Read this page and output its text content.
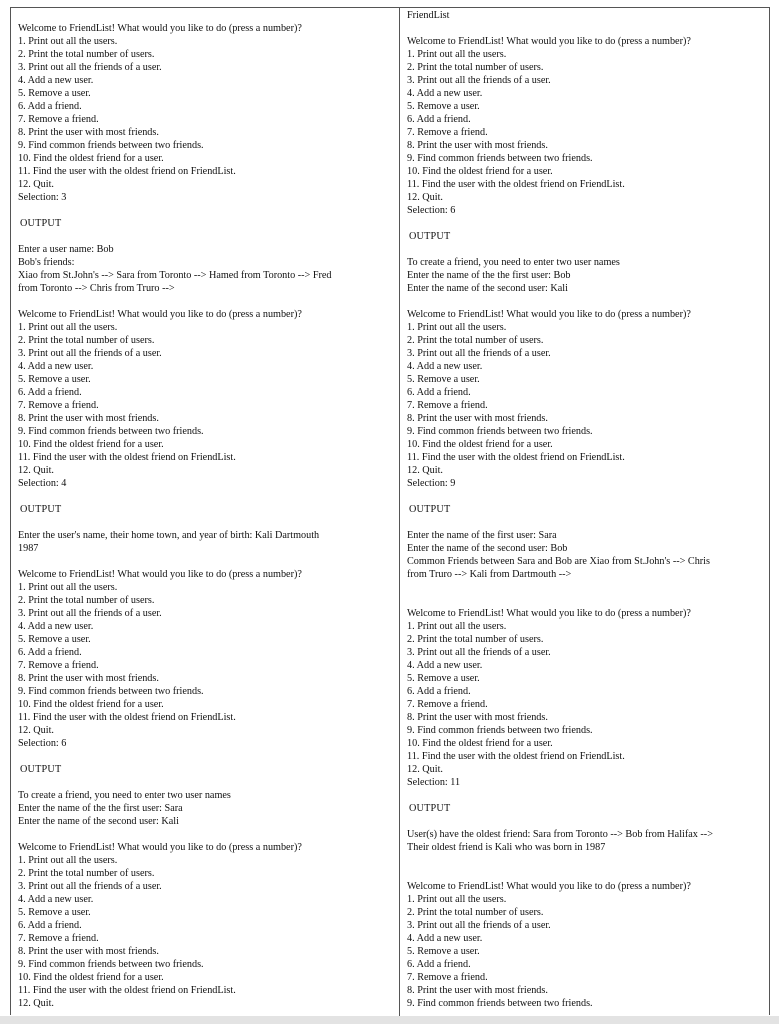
Welcome to FriendList! What would you like to do (press a number)?
1. Print out all the users.
2. Print the total number of users.
3. Print out all the friends of a user.
4. Add a new user.
5. Remove a user.
6. Add a friend.
7. Remove a friend.
8. Print the user with most friends.
9. Find common friends between two friends.
10. Find the oldest friend for a user.
11. Find the user with the oldest friend on FriendList.
12. Quit.
Selection: 3
OUTPUT
Enter a user name: Bob
Bob's friends:
Xiao from St.John's --> Sara from Toronto --> Hamed from Toronto --> Fred
from Toronto --> Chris from Truro -->
Welcome to FriendList! What would you like to do (press a number)?
1. Print out all the users.
2. Print the total number of users.
3. Print out all the friends of a user.
4. Add a new user.
5. Remove a user.
6. Add a friend.
7. Remove a friend.
8. Print the user with most friends.
9. Find common friends between two friends.
10. Find the oldest friend for a user.
11. Find the user with the oldest friend on FriendList.
12. Quit.
Selection: 4
OUTPUT
Enter the user's name, their home town, and year of birth: Kali Dartmouth
1987
Welcome to FriendList! What would you like to do (press a number)?
1. Print out all the users.
2. Print the total number of users.
3. Print out all the friends of a user.
4. Add a new user.
5. Remove a user.
6. Add a friend.
7. Remove a friend.
8. Print the user with most friends.
9. Find common friends between two friends.
10. Find the oldest friend for a user.
11. Find the user with the oldest friend on FriendList.
12. Quit.
Selection: 6
OUTPUT
To create a friend, you need to enter two user names
Enter the name of the the first user: Sara
Enter the name of the second user: Kali
Welcome to FriendList! What would you like to do (press a number)?
1. Print out all the users.
2. Print the total number of users.
3. Print out all the friends of a user.
4. Add a new user.
5. Remove a user.
6. Add a friend.
7. Remove a friend.
8. Print the user with most friends.
9. Find common friends between two friends.
10. Find the oldest friend for a user.
11. Find the user with the oldest friend on FriendList.
12. Quit.
FriendList
Welcome to FriendList! What would you like to do (press a number)?
1. Print out all the users.
2. Print the total number of users.
3. Print out all the friends of a user.
4. Add a new user.
5. Remove a user.
6. Add a friend.
7. Remove a friend.
8. Print the user with most friends.
9. Find common friends between two friends.
10. Find the oldest friend for a user.
11. Find the user with the oldest friend on FriendList.
12. Quit.
Selection: 6
OUTPUT
To create a friend, you need to enter two user names
Enter the name of the the first user: Bob
Enter the name of the second user: Kali
Welcome to FriendList! What would you like to do (press a number)?
1. Print out all the users.
2. Print the total number of users.
3. Print out all the friends of a user.
4. Add a new user.
5. Remove a user.
6. Add a friend.
7. Remove a friend.
8. Print the user with most friends.
9. Find common friends between two friends.
10. Find the oldest friend for a user.
11. Find the user with the oldest friend on FriendList.
12. Quit.
Selection: 9
OUTPUT
Enter the name of the first user: Sara
Enter the name of the second user: Bob
Common Friends between Sara and Bob are Xiao from St.John's --> Chris
from Truro --> Kali from Dartmouth -->
Welcome to FriendList! What would you like to do (press a number)?
1. Print out all the users.
2. Print the total number of users.
3. Print out all the friends of a user.
4. Add a new user.
5. Remove a user.
6. Add a friend.
7. Remove a friend.
8. Print the user with most friends.
9. Find common friends between two friends.
10. Find the oldest friend for a user.
11. Find the user with the oldest friend on FriendList.
12. Quit.
Selection: 11
OUTPUT
User(s) have the oldest friend: Sara from Toronto --> Bob from Halifax -->
Their oldest friend is Kali who was born in 1987
Welcome to FriendList! What would you like to do (press a number)?
1. Print out all the users.
2. Print the total number of users.
3. Print out all the friends of a user.
4. Add a new user.
5. Remove a user.
6. Add a friend.
7. Remove a friend.
8. Print the user with most friends.
9. Find common friends between two friends.
